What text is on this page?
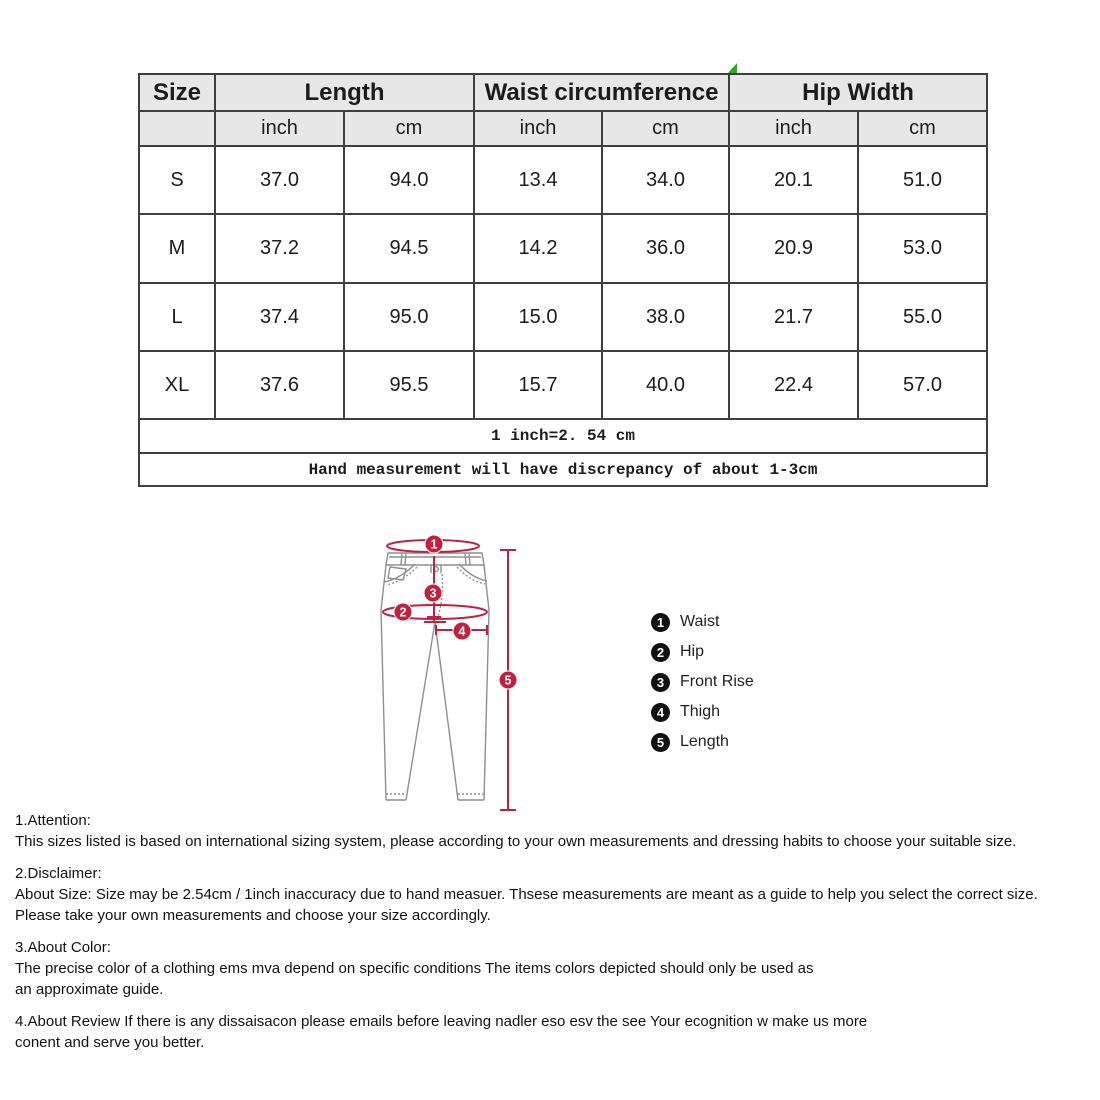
Size	Length		Waist circumference		Hip Width	
	inch	cm	inch	cm	inch	cm
S	37.0	94.0	13.4	34.0	20.1	51.0
M	37.2	94.5	14.2	36.0	20.9	53.0
L	37.4	95.0	15.0	38.0	21.7	55.0
XL	37.6	95.5	15.7	40.0	22.4	57.0
1 inch=2. 54 cm						
Hand measurement will have discrepancy of about 1-3cm						
1
2
3
4
5
1 Waist
2 Hip
3 Front Rise
4 Thigh
5 Length
1.Attention:
This sizes listed is based on international sizing system, please according to your own measurements and dressing habits to choose your suitable size.
2.Disclaimer:
About Size: Size may be 2.54cm / 1inch inaccuracy due to hand measuer. Thsese measurements are meant as a guide to help you select the correct size.
Please take your own measurements and choose your size accordingly.
3.About Color:
The precise color of a clothing ems mva depend on specific conditions The items colors depicted should only be used as
an approximate guide.
4.About Review If there is any dissaisacon please emails before leaving nadler eso esv the see Your ecognition w make us more
conent and serve you better.
